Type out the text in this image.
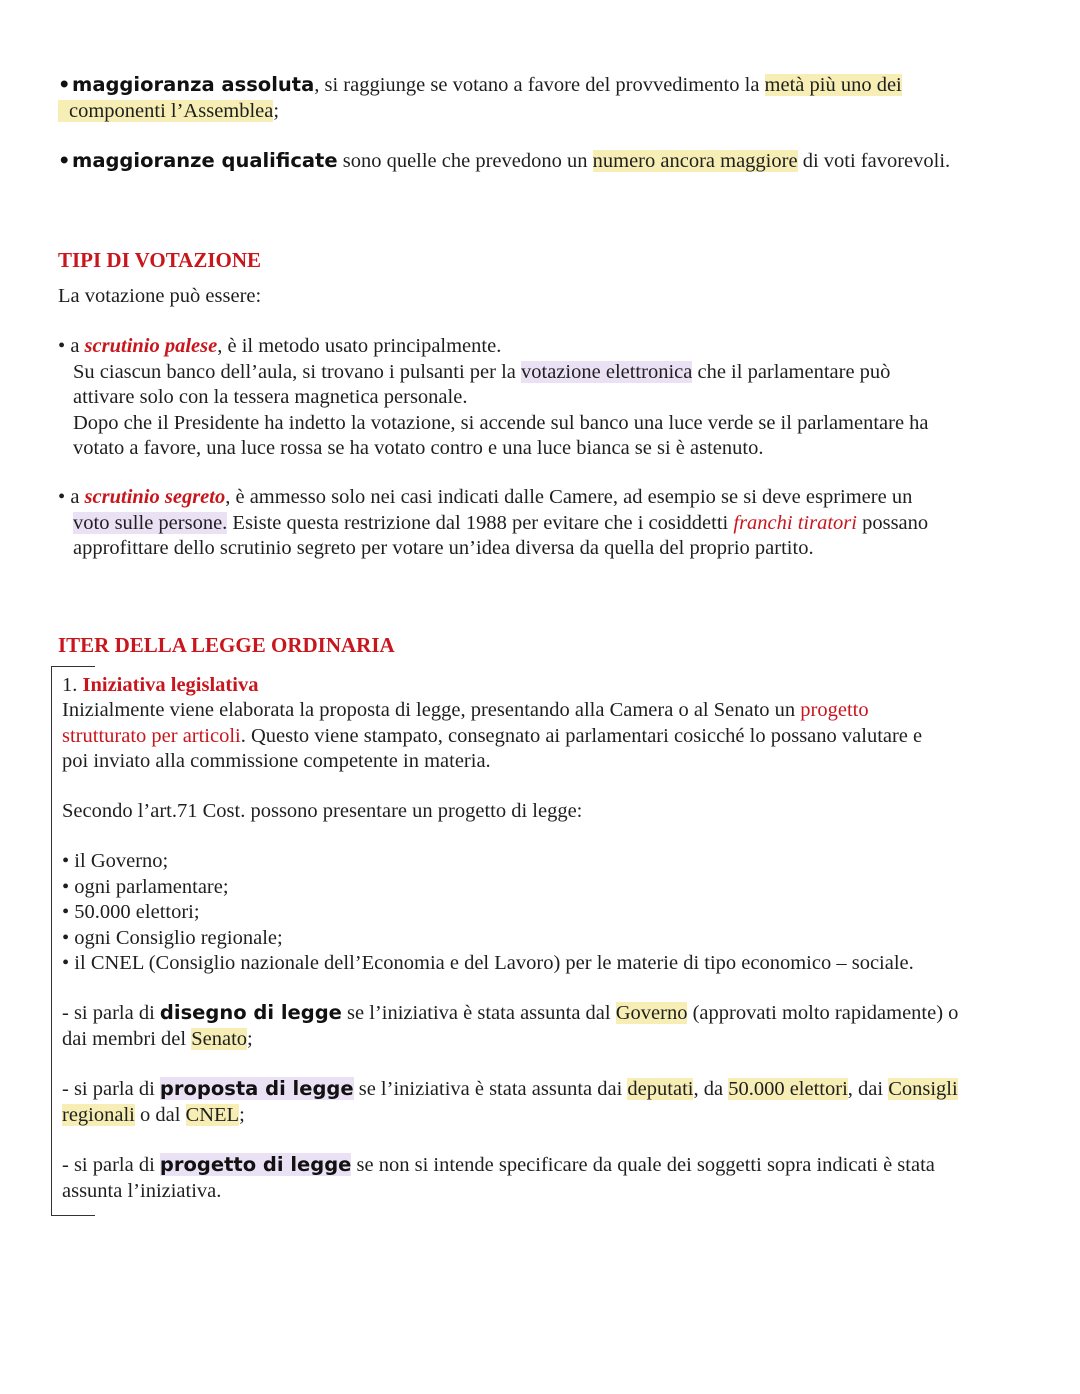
•maggioranza assoluta, si raggiunge se votano a favore del provvedimento la metà più uno dei
componenti l’Assemblea;

•maggioranze qualificate sono quelle che prevedono un numero ancora maggiore di voti favorevoli.

TIPI DI VOTAZIONE

La votazione può essere:

• a scrutinio palese, è il metodo usato principalmente.
Su ciascun banco dell’aula, si trovano i pulsanti per la votazione elettronica che il parlamentare può
attivare solo con la tessera magnetica personale.
Dopo che il Presidente ha indetto la votazione, si accende sul banco una luce verde se il parlamentare ha
votato a favore, una luce rossa se ha votato contro e una luce bianca se si è astenuto.

• a scrutinio segreto, è ammesso solo nei casi indicati dalle Camere, ad esempio se si deve esprimere un
voto sulle persone. Esiste questa restrizione dal 1988 per evitare che i cosiddetti franchi tiratori possano
approfittare dello scrutinio segreto per votare un’idea diversa da quella del proprio partito.

ITER DELLA LEGGE ORDINARIA

1. Iniziativa legislativa

Inizialmente viene elaborata la proposta di legge, presentando alla Camera o al Senato un progetto
strutturato per articoli. Questo viene stampato, consegnato ai parlamentari cosicché lo possano valutare e
poi inviato alla commissione competente in materia.

Secondo l’art.71 Cost. possono presentare un progetto di legge:

• il Governo;
• ogni parlamentare;
• 50.000 elettori;
• ogni Consiglio regionale;
• il CNEL (Consiglio nazionale dell’Economia e del Lavoro) per le materie di tipo economico – sociale.

- si parla di disegno di legge se l’iniziativa è stata assunta dal Governo (approvati molto rapidamente) o
dai membri del Senato;

- si parla di proposta di legge se l’iniziativa è stata assunta dai deputati, da 50.000 elettori, dai Consigli
regionali o dal CNEL;

- si parla di progetto di legge se non si intende specificare da quale dei soggetti sopra indicati è stata
assunta l’iniziativa.
